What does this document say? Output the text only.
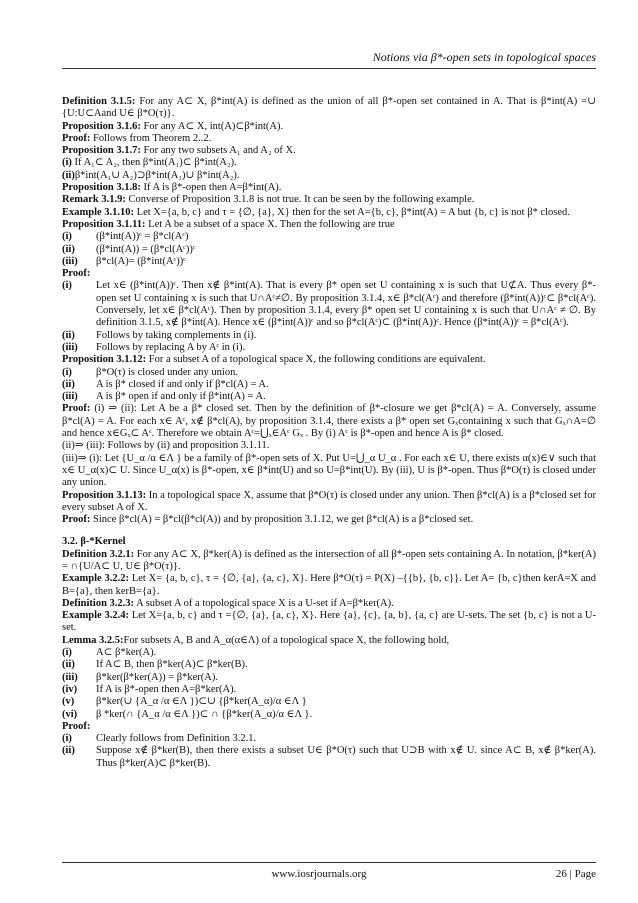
Notions via β*-open sets in topological spaces
Definition 3.1.5: For any A⊂ X, β*int(A) is defined as the union of all β*-open set contained in A. That is β*int(A) =∪ {U:U⊂Aand U∈ β*O(τ)}.
Proposition 3.1.6: For any A⊂ X, int(A)⊂β*int(A).
Proof: Follows from Theorem 2..2.
Proposition 3.1.7: For any two subsets A₁ and A₂ of X.
(i) If A₁⊂ A₂, then β*int(A₁)⊂ β*int(A₂).
(ii)β*int(A₁∪ A₂)⊃β*int(A₁)∪ β*int(A₂).
Proposition 3.1.8: If A is β*-open then A=β*int(A).
Remark 3.1.9: Converse of Proposition 3.1.8 is not true. It can be seen by the following example.
Example 3.1.10: Let X={a, b, c} and τ = {∅, {a}, X} then for the set A={b, c}, β*int(A) = A but {b, c} is not β* closed.
Proposition 3.1.11: Let A be a subset of a space X. Then the following are true
(i)	(β*int(A))ᶜ = β*cl(Aᶜ)
(ii)	(β*int(A)) = (β*cl(Aᶜ))ᶜ
(iii)	β*cl(A)= (β*int(Aᶜ))ᶜ
Proof:
(i)	Let x∈ (β*int(A))ᶜ. Then x∉ β*int(A). That is every β* open set U containing x is such that U⊄A. Thus every β*-open set U containing x is such that U∩Aᶜ≠∅. By proposition 3.1.4, x∈ β*cl(Aᶜ) and therefore (β*int(A))ᶜ⊂ β*cl(Aᶜ). Conversely, let x∈ β*cl(Aᶜ). Then by proposition 3.1.4, every β* open set U containing x is such that U∩Aᶜ ≠ ∅. By definition 3.1.5, x∉ β*int(A). Hence x∈ (β*int(A))ᶜ and so β*cl(Aᶜ)⊂ (β*int(A))ᶜ. Hence (β*int(A))ᶜ = β*cl(Aᶜ).
(ii)	Follows by taking complements in (i).
(iii)	Follows by replacing A by Aᶜ in (i).
Proposition 3.1.12: For a subset A of a topological space X, the following conditions are equivalent.
(i)	β*O(τ) is closed under any union.
(ii)	A is β* closed if and only if β*cl(A) = A.
(iii)	A is β* open if and only if β*int(A) = A.
Proof: (i) ⇒ (ii): Let A be a β* closed set. Then by the definition of β*-closure we get β*cl(A) = A. Conversely, assume β*cl(A) = A. For each x∈ Aᶜ, x∉ β*cl(A), by proposition 3.1.4, there exists a β* open set Gₓcontaining x such that Gₓ∩A=∅ and hence x∈Gₓ⊂ Aᶜ. Therefore we obtain Aᶜ=⋃ₓ∈Aᶜ Gₓ . By (i) Aᶜ is β*-open and hence A is β* closed.
(ii)⇒ (iii): Follows by (ii) and proposition 3.1.11.
(iii)⇒ (i): Let {U_α /α ∈Λ } be a family of β*-open sets of X. Put U=⋃_α U_α . For each x∈ U, there exists α(x)∈∨ such that x∈ U_α(x)⊂ U. Since U_α(x) is β*-open, x∈ β*int(U) and so U=β*int(U). By (iii), U is β*-open. Thus β*O(τ) is closed under any union.
Proposition 3.1.13: In a topological space X, assume that β*O(τ) is closed under any union. Then β*cl(A) is a β*closed set for every subset A of X.
Proof: Since β*cl(A) = β*cl(β*cl(A)) and by proposition 3.1.12, we get β*cl(A) is a β*closed set.
3.2. β-*Kernel
Definition 3.2.1: For any A⊂ X, β*ker(A) is defined as the intersection of all β*-open sets containing A. In notation, β*ker(A) = ∩{U/A⊂ U, U∈ β*O(τ)}.
Example 3.2.2: Let X= {a, b, c}, τ = {∅, {a}, {a, c}, X}. Here β*O(τ) = P(X) –{{b}, {b, c}}. Let A= {b, c}then kerA=X and B={a}, then kerB={a}.
Definition 3.2.3: A subset A of a topological space X is a U-set if A=β*ker(A).
Example 3.2.4: Let X={a, b, c} and τ ={∅, {a}, {a, c}, X}. Here {a}, {c}, {a, b}, {a, c} are U-sets. The set {b, c} is not a U-set.
Lemma 3.2.5:For subsets A, B and A_α(α∈Λ) of a topological space X, the following hold,
(i)	A⊂ β*ker(A).
(ii)	If A⊂ B, then β*ker(A)⊂ β*ker(B).
(iii)	β*ker(β*ker(A)) = β*ker(A).
(iv)	If A is β*-open then A=β*ker(A).
(v)	β*ker(∪ {A_α /α ∈Λ })⊂∪ {β*ker(A_α)/α ∈Λ }
(vi)	β *ker(∩ {A_α /α ∈Λ })⊂ ∩ {β*ker(A_α)/α ∈Λ }.
Proof:
(i)	Clearly follows from Definition 3.2.1.
(ii)	Suppose x∉ β*ker(B), then there exists a subset U∈ β*O(τ) such that U⊃B with x∉ U. since A⊂ B, x∉ β*ker(A). Thus β*ker(A)⊂ β*ker(B).
www.iosrjournals.org	26 | Page
